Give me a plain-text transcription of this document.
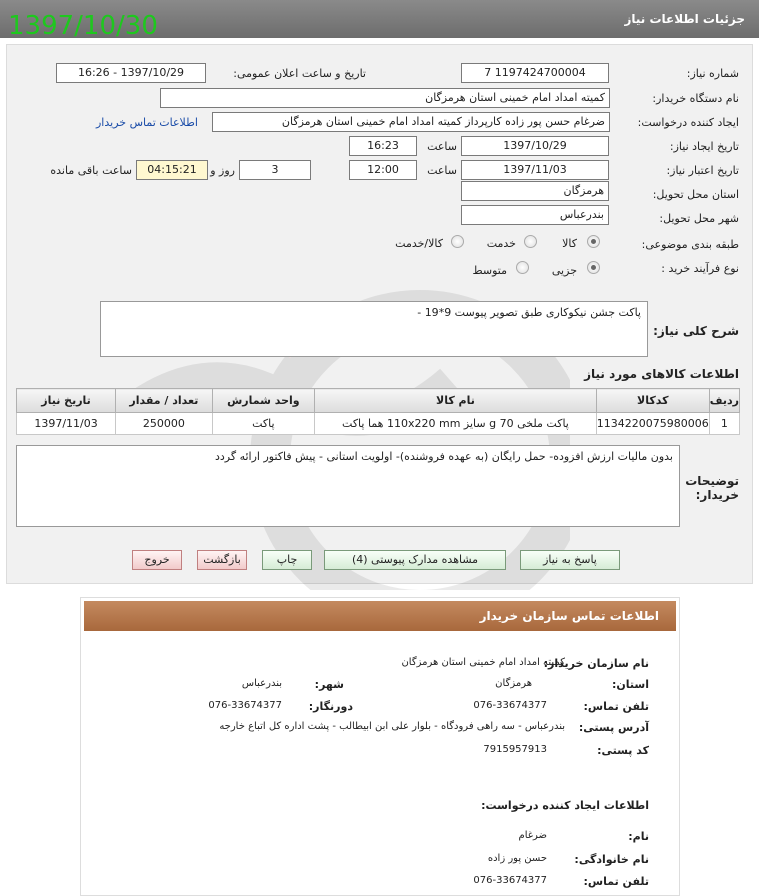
جزئیات اطلاعات نیاز
1397/10/30
شماره نیاز:
1197424700004 7
تاریخ و ساعت اعلان عمومی:
1397/10/29 - 16:26
نام دستگاه خریدار:
کمیته امداد امام خمینی استان هرمزگان
ایجاد کننده درخواست:
ضرغام حسن پور زاده کارپرداز کمیته امداد امام خمینی استان هرمزگان
اطلاعات تماس خریدار
تاریخ ایجاد نیاز:
1397/10/29
ساعت
16:23
تاریخ اعتبار نیاز:
1397/11/03
ساعت
12:00
3
روز و
04:15:21
ساعت باقی مانده
استان محل تحویل:
هرمزگان
شهر محل تحویل:
بندرعباس
طبقه بندی موضوعی:
کالا
خدمت
کالا/خدمت
نوع فرآیند خرید :
جزیی
متوسط
شرح کلی نیاز:
پاکت جشن نیکوکاری طبق تصویر پیوست 9*19 -
اطلاعات کالاهای مورد نیاز
ردیف	کدکالا	نام کالا	واحد شمارش	تعداد / مقدار	تاریخ نیاز
1	1134220075980006	پاکت ملخی 70 g سایز 110x220 mm هما پاکت	پاکت	250000	1397/11/03
توضیحات خریدار:
بدون مالیات ارزش افزوده- حمل رایگان (به عهده فروشنده)- اولویت استانی - پیش فاکتور ارائه گردد
پاسخ به نیاز
مشاهده مدارک پیوستی (4)
چاپ
بازگشت
خروج
اطلاعات تماس سازمان خریدار
نام سازمان خریدار:
کمیته امداد امام خمینی استان هرمزگان
استان:
هرمزگان
شهر:
بندرعباس
تلفن تماس:
076-33674377
دورنگار:
076-33674377
آدرس پستی:
بندرعباس - سه راهی فرودگاه - بلوار علی ابن ابیطالب - پشت اداره کل اتباع خارجه
کد پستی:
7915957913
اطلاعات ایجاد کننده درخواست:
نام:
ضرغام
نام خانوادگی:
حسن پور زاده
تلفن تماس:
076-33674377
